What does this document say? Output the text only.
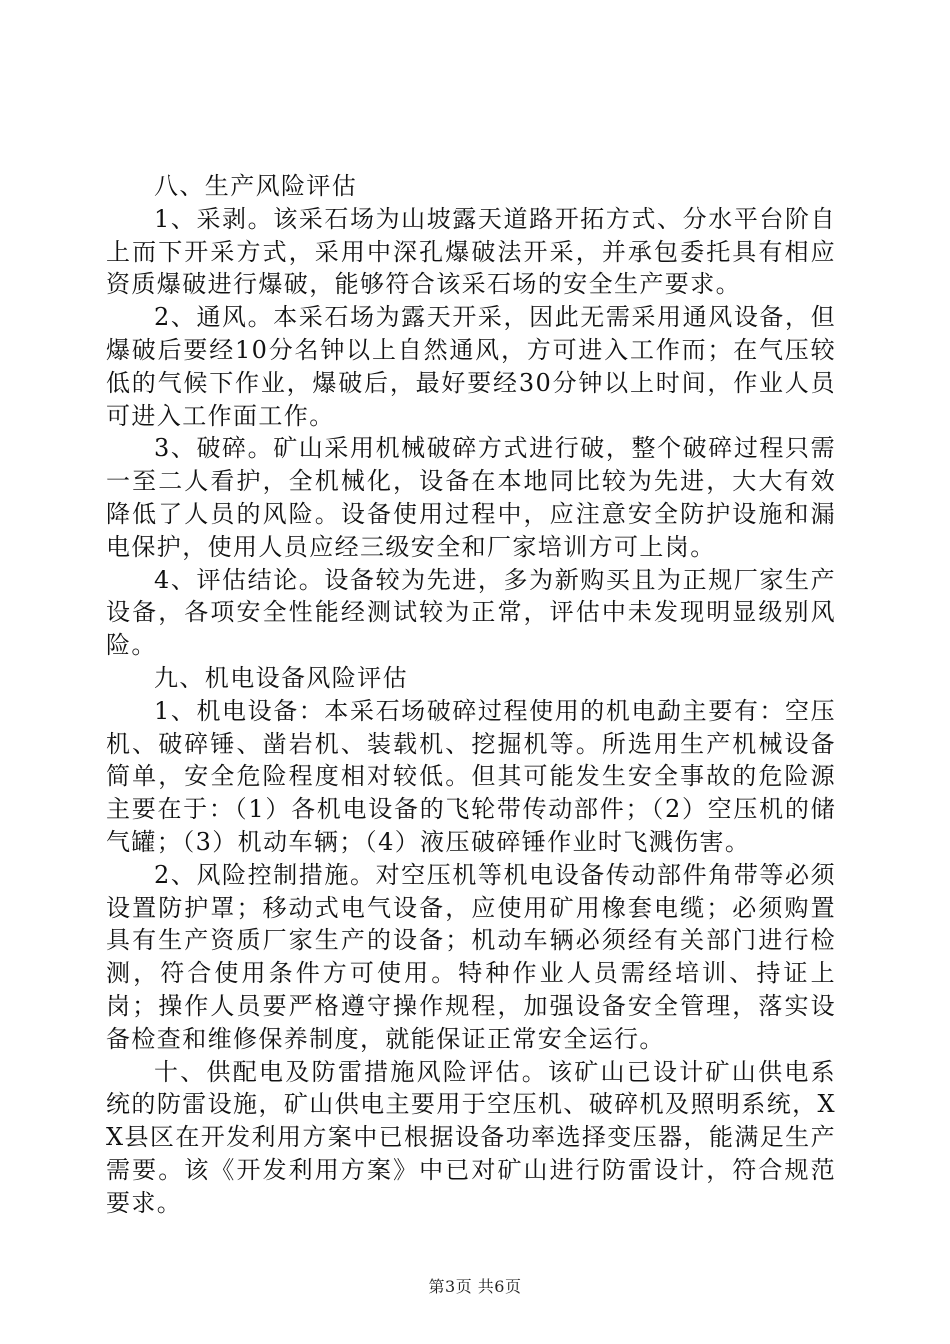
八、生产风险评估

1、采剥。该采石场为山坡露天道路开拓方式、分水平台阶自上而下开采方式，采用中深孔爆破法开采，并承包委托具有相应资质爆破进行爆破，能够符合该采石场的安全生产要求。

2、通风。本采石场为露天开采，因此无需采用通风设备，但爆破后要经10分名钟以上自然通风，方可进入工作而；在气压较低的气候下作业，爆破后，最好要经30分钟以上时间，作业人员可进入工作面工作。

3、破碎。矿山采用机械破碎方式进行破，整个破碎过程只需一至二人看护，全机械化，设备在本地同比较为先进，大大有效降低了人员的风险。设备使用过程中，应注意安全防护设施和漏电保护，使用人员应经三级安全和厂家培训方可上岗。

4、评估结论。设备较为先进，多为新购买且为正规厂家生产设备，各项安全性能经测试较为正常，评估中未发现明显级别风险。

九、机电设备风险评估

1、机电设备：本采石场破碎过程使用的机电勐主要有：空压机、破碎锤、凿岩机、装载机、挖掘机等。所选用生产机械设备简单，安全危险程度相对较低。但其可能发生安全事故的危险源主要在于：（1）各机电设备的飞轮带传动部件；（2）空压机的储气罐；（3）机动车辆；（4）液压破碎锤作业时飞溅伤害。

2、风险控制措施。对空压机等机电设备传动部件角带等必须设置防护罩；移动式电气设备，应使用矿用橡套电缆；必须购置具有生产资质厂家生产的设备；机动车辆必须经有关部门进行检测，符合使用条件方可使用。特种作业人员需经培训、持证上岗；操作人员要严格遵守操作规程，加强设备安全管理，落实设备检查和维修保养制度，就能保证正常安全运行。

十、供配电及防雷措施风险评估。该矿山已设计矿山供电系统的防雷设施，矿山供电主要用于空压机、破碎机及照明系统，XX县区在开发利用方案中已根据设备功率选择变压器，能满足生产需要。该《开发利用方案》中已对矿山进行防雷设计，符合规范要求。

第3页 共6页
